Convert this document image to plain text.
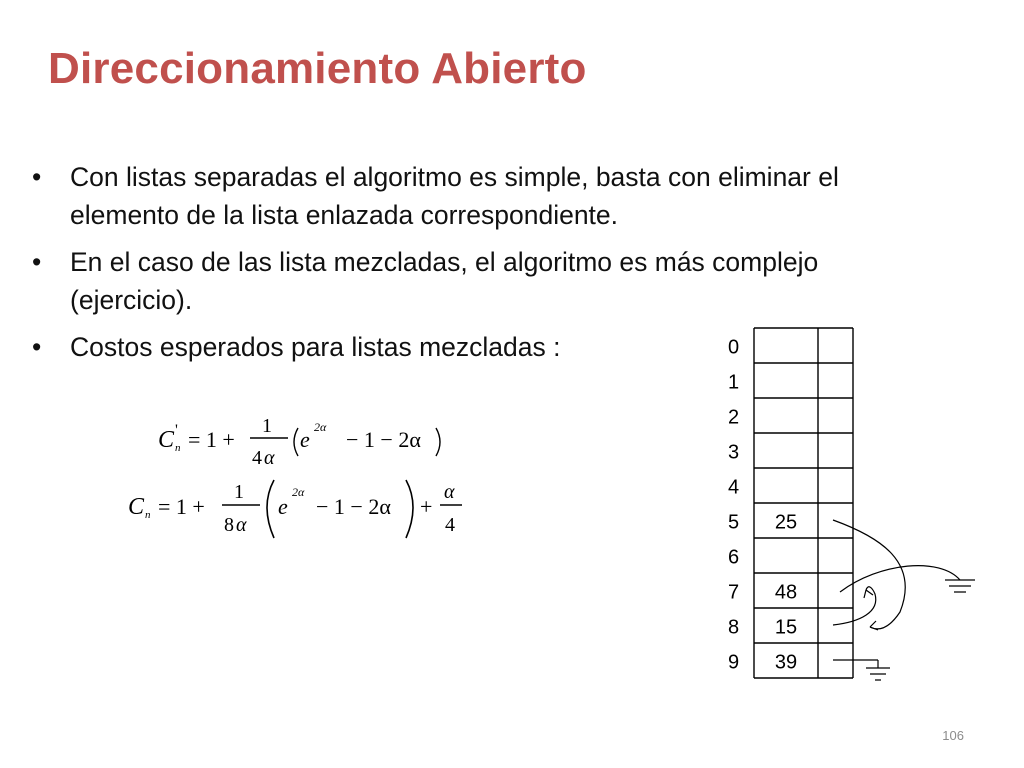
Direccionamiento Abierto
• Con listas separadas el algoritmo es simple, basta con eliminar el elemento de la lista enlazada correspondiente.
• En el caso de las lista mezcladas, el algoritmo es más complejo (ejercicio).
• Costos esperados para listas mezcladas :
C '
n = 1 +
1
4 α
e 2α − 1 − 2α
C n = 1 +
1
8 α
e
2α
− 1 − 2α +
α
4
0
1
2
3
4
5 25
6
7 48
8 15
9 39
106
